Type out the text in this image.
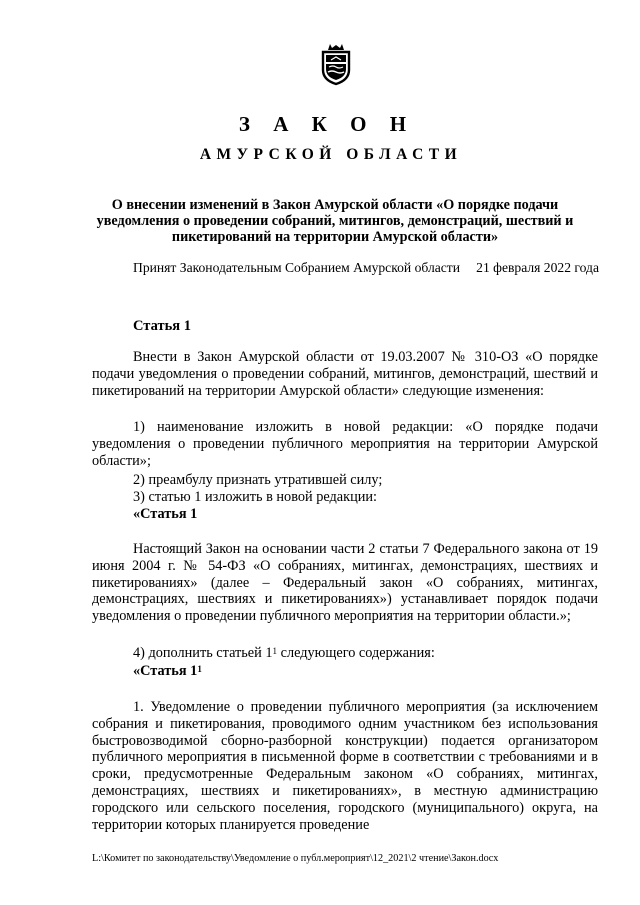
З А К О Н
АМУРСКОЙ ОБЛАСТИ
О внесении изменений в Закон Амурской области «О порядке подачи уведомления о проведении собраний, митингов, демонстраций, шествий и пикетирований на территории Амурской области»
Принят Законодательным Собранием Амурской области 21 февраля 2022 года
Статья 1
Внести в Закон Амурской области от 19.03.2007 № 310-ОЗ «О порядке подачи уведомления о проведении собраний, митингов, демонстраций, шествий и пикетирований на территории Амурской области» следующие изменения:
1) наименование изложить в новой редакции: «О порядке подачи уведомления о проведении публичного мероприятия на территории Амурской области»;
2) преамбулу признать утратившей силу;
3) статью 1 изложить в новой редакции:
«Статья 1
Настоящий Закон на основании части 2 статьи 7 Федерального закона от 19 июня 2004 г. № 54-ФЗ «О собраниях, митингах, демонстрациях, шествиях и пикетированиях» (далее – Федеральный закон «О собраниях, митингах, демонстрациях, шествиях и пикетированиях») устанавливает порядок подачи уведомления о проведении публичного мероприятия на территории области.»;
4) дополнить статьей $1^1$ следующего содержания:
«Статья $1^1$
1. Уведомление о проведении публичного мероприятия (за исключением собрания и пикетирования, проводимого одним участником без использования быстровозводимой сборно-разборной конструкции) подается организатором публичного мероприятия в письменной форме в соответствии с требованиями и в сроки, предусмотренные Федеральным законом «О собраниях, митингах, демонстрациях, шествиях и пикетированиях», в местную администрацию городского или сельского поселения, городского (муниципального) округа, на территории которых планируется проведение
L:\Комитет по законодательству\Уведомление о публ.мероприят\12_2021\2 чтение\Закон.docx
